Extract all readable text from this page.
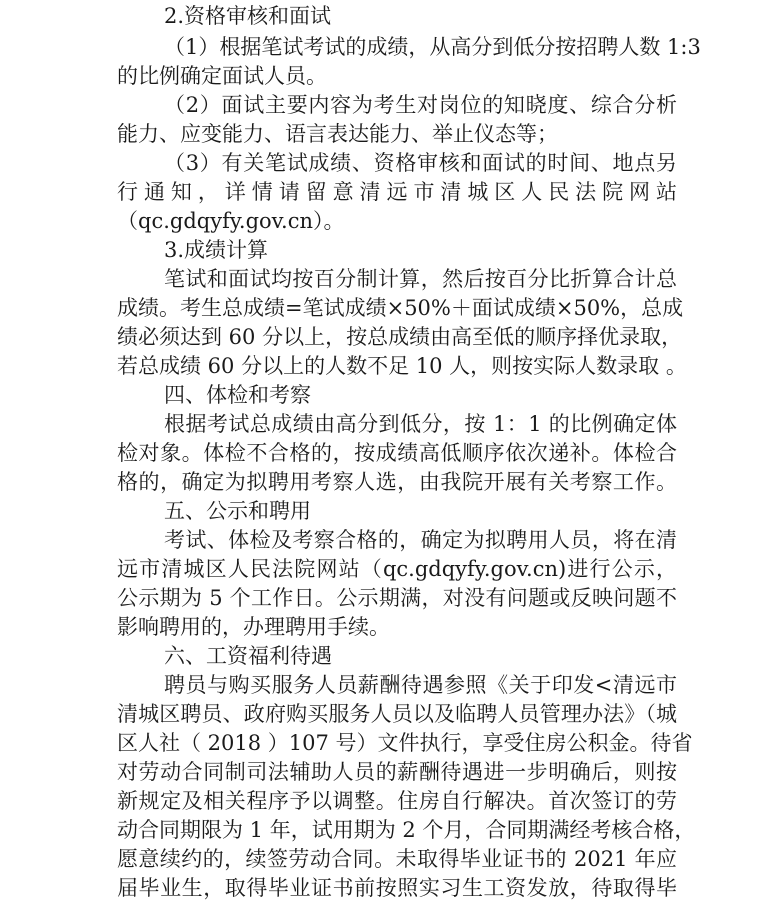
2.资格审核和面试
（1）根据笔试考试的成绩，从高分到低分按招聘人数 1:3
的比例确定面试人员。
（2）面试主要内容为考生对岗位的知晓度、综合分析
能力、应变能力、语言表达能力、举止仪态等；
（3）有关笔试成绩、资格审核和面试的时间、地点另
行通知，详情请留意清远市清城区人民法院网站
（qc.gdqyfy.gov.cn）。
3.成绩计算
笔试和面试均按百分制计算，然后按百分比折算合计总
成绩。考生总成绩=笔试成绩×50%＋面试成绩×50%，总成
绩必须达到 60 分以上，按总成绩由高至低的顺序择优录取，
若总成绩 60 分以上的人数不足 10 人，则按实际人数录取 。
四、体检和考察
根据考试总成绩由高分到低分，按 1：1 的比例确定体
检对象。体检不合格的，按成绩高低顺序依次递补。体检合
格的，确定为拟聘用考察人选，由我院开展有关考察工作。
五、公示和聘用
考试、体检及考察合格的，确定为拟聘用人员，将在清
远市清城区人民法院网站（qc.gdqyfy.gov.cn)进行公示，
公示期为 5 个工作日。公示期满，对没有问题或反映问题不
影响聘用的，办理聘用手续。
六、工资福利待遇
聘员与购买服务人员薪酬待遇参照《关于印发<清远市
清城区聘员、政府购买服务人员以及临聘人员管理办法》（城
区人社（ 2018 ）107 号）文件执行，享受住房公积金。待省
对劳动合同制司法辅助人员的薪酬待遇进一步明确后，则按
新规定及相关程序予以调整。住房自行解决。首次签订的劳
动合同期限为 1 年，试用期为 2 个月，合同期满经考核合格，
愿意续约的，续签劳动合同。未取得毕业证书的 2021 年应
届毕业生，取得毕业证书前按照实习生工资发放，待取得毕
